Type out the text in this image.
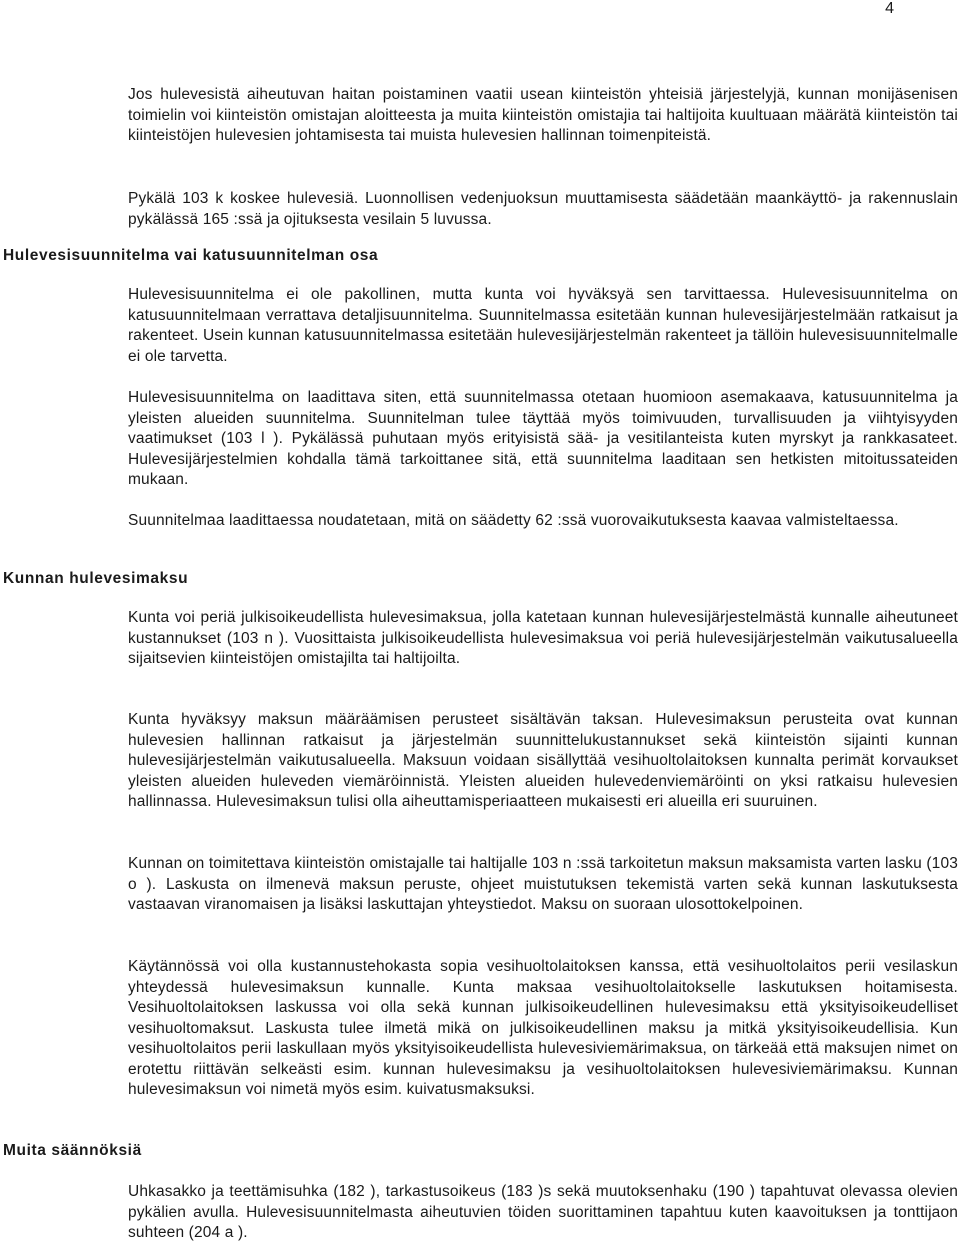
4

Jos hulevesistä aiheutuvan haitan poistaminen vaatii usean kiinteistön yhteisiä järjestelyjä, kunnan monijäsenisen toimielin voi kiinteistön omistajan aloitteesta ja muita kiinteistön omistajia tai haltijoita kuultuaan määrätä kiinteistön tai kiinteistöjen hulevesien johtamisesta tai muista hulevesien hallinnan toimenpiteistä.

Pykälä 103 k koskee hulevesiä. Luonnollisen vedenjuoksun muuttamisesta säädetään maankäyttö- ja rakennuslain pykälässä 165 :ssä ja ojituksesta vesilain 5 luvussa.

Hulevesisuunnitelma vai katusuunnitelman osa

Hulevesisuunnitelma ei ole pakollinen, mutta kunta voi hyväksyä sen tarvittaessa. Hulevesisuunnitelma on katusuunnitelmaan verrattava detaljisuunnitelma. Suunnitelmassa esitetään kunnan hulevesijärjestelmään ratkaisut ja rakenteet. Usein kunnan katusuunnitelmassa esitetään hulevesijärjestelmän rakenteet ja tällöin hulevesisuunnitelmalle ei ole tarvetta.

Hulevesisuunnitelma on laadittava siten, että suunnitelmassa otetaan huomioon asemakaava, katusuunnitelma ja yleisten alueiden suunnitelma. Suunnitelman tulee täyttää myös toimivuuden, turvallisuuden ja viihtyisyyden vaatimukset (103 l ). Pykälässä puhutaan myös erityisistä sää- ja vesitilanteista kuten myrskyt ja rankkasateet. Hulevesijärjestelmien kohdalla tämä tarkoittanee sitä, että suunnitelma laaditaan sen hetkisten mitoitussateiden mukaan.

Suunnitelmaa laadittaessa noudatetaan, mitä on säädetty 62 :ssä vuorovaikutuksesta kaavaa valmisteltaessa.

Kunnan hulevesimaksu

Kunta voi periä julkisoikeudellista hulevesimaksua, jolla katetaan kunnan hulevesijärjestelmästä kunnalle aiheutuneet kustannukset (103 n ). Vuosittaista julkisoikeudellista hulevesimaksua voi periä hulevesijärjestelmän vaikutusalueella sijaitsevien kiinteistöjen omistajilta tai haltijoilta.

Kunta hyväksyy maksun määräämisen perusteet sisältävän taksan. Hulevesimaksun perusteita ovat kunnan hulevesien hallinnan ratkaisut ja järjestelmän suunnittelukustannukset sekä kiinteistön sijainti kunnan hulevesijärjestelmän vaikutusalueella. Maksuun voidaan sisällyttää vesihuoltolaitoksen kunnalta perimät korvaukset yleisten alueiden huleveden viemäröinnistä. Yleisten alueiden hulevedenviemäröinti on yksi ratkaisu hulevesien hallinnassa. Hulevesimaksun tulisi olla aiheuttamisperiaatteen mukaisesti eri alueilla eri suuruinen.

Kunnan on toimitettava kiinteistön omistajalle tai haltijalle 103 n :ssä tarkoitetun maksun maksamista varten lasku (103 o ). Laskusta on ilmenevä maksun peruste, ohjeet muistutuksen tekemistä varten sekä kunnan laskutuksesta vastaavan viranomaisen ja lisäksi laskuttajan yhteystiedot. Maksu on suoraan ulosottokelpoinen.

Käytännössä voi olla kustannustehokasta sopia vesihuoltolaitoksen kanssa, että vesihuoltolaitos perii vesilaskun yhteydessä hulevesimaksun kunnalle. Kunta maksaa vesihuoltolaitokselle laskutuksen hoitamisesta. Vesihuoltolaitoksen laskussa voi olla sekä kunnan julkisoikeudellinen hulevesimaksu että yksityisoikeudelliset vesihuoltomaksut. Laskusta tulee ilmetä mikä on julkisoikeudellinen maksu ja mitkä yksityisoikeudellisia. Kun vesihuoltolaitos perii laskullaan myös yksityisoikeudellista hulevesiviemärimaksua, on tärkeää että maksujen nimet on erotettu riittävän selkeästi esim. kunnan hulevesimaksu ja vesihuoltolaitoksen hulevesiviemärimaksu. Kunnan hulevesimaksun voi nimetä myös esim. kuivatusmaksuksi.

Muita säännöksiä

Uhkasakko ja teettämisuhka (182 ), tarkastusoikeus (183 )s sekä muutoksenhaku (190 ) tapahtuvat olevassa olevien pykälien avulla. Hulevesisuunnitelmasta aiheutuvien töiden suorittaminen tapahtuu kuten kaavoituksen ja tonttijaon suhteen (204 a ).
